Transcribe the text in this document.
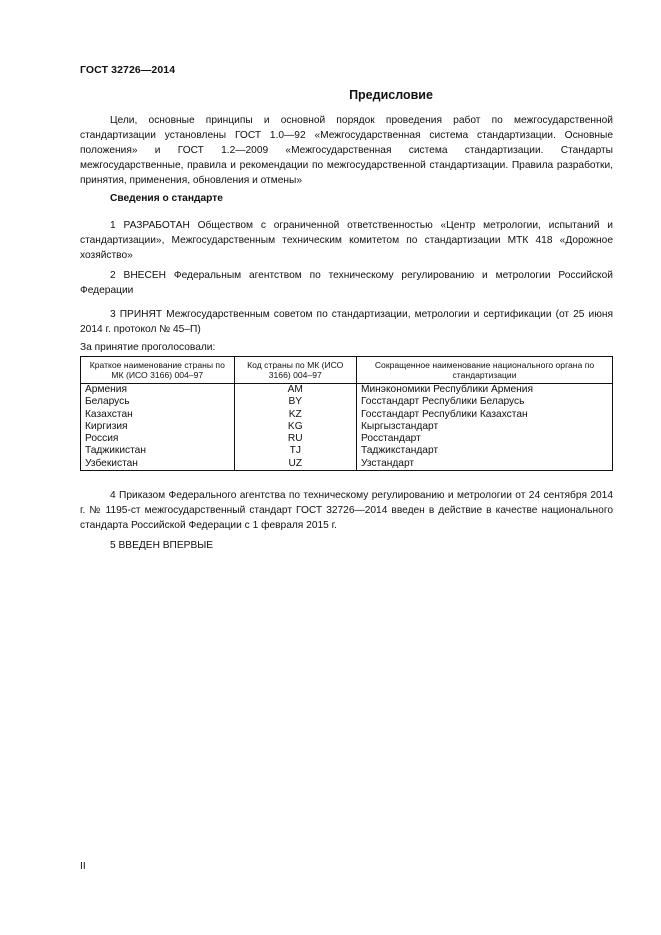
ГОСТ 32726—2014
Предисловие

Цели, основные принципы и основной порядок проведения работ по межгосударственной стандартизации установлены ГОСТ 1.0—92 «Межгосударственная система стандартизации. Основные положения» и ГОСТ 1.2—2009 «Межгосударственная система стандартизации. Стандарты межгосударственные, правила и рекомендации по межгосударственной стандартизации. Правила разработки, принятия, применения, обновления и отмены»

Сведения о стандарте

1 РАЗРАБОТАН Обществом с ограниченной ответственностью «Центр метрологии, испытаний и стандартизации», Межгосударственным техническим комитетом по стандартизации МТК 418 «Дорожное хозяйство»

2 ВНЕСЕН Федеральным агентством по техническому регулированию и метрологии Российской Федерации

3 ПРИНЯТ Межгосударственным советом по стандартизации, метрологии и сертификации (от 25 июня 2014 г. протокол № 45–П)

За принятие проголосовали:
Краткое наименование страны по МК (ИСО 3166) 004–97	Код страны по МК (ИСО 3166) 004–97	Сокращенное наименование национального органа по стандартизации
Армения	AM	Минэкономики Республики Армения
Беларусь	BY	Госстандарт Республики Беларусь
Казахстан	KZ	Госстандарт Республики Казахстан
Киргизия	KG	Кыргызстандарт
Россия	RU	Росстандарт
Таджикистан	TJ	Таджикстандарт
Узбекистан	UZ	Узстандарт

4 Приказом Федерального агентства по техническому регулированию и метрологии от 24 сентября 2014 г. № 1195-ст межгосударственный стандарт ГОСТ 32726—2014 введен в действие в качестве национального стандарта Российской Федерации с 1 февраля 2015 г.

5 ВВЕДЕН ВПЕРВЫЕ

II
